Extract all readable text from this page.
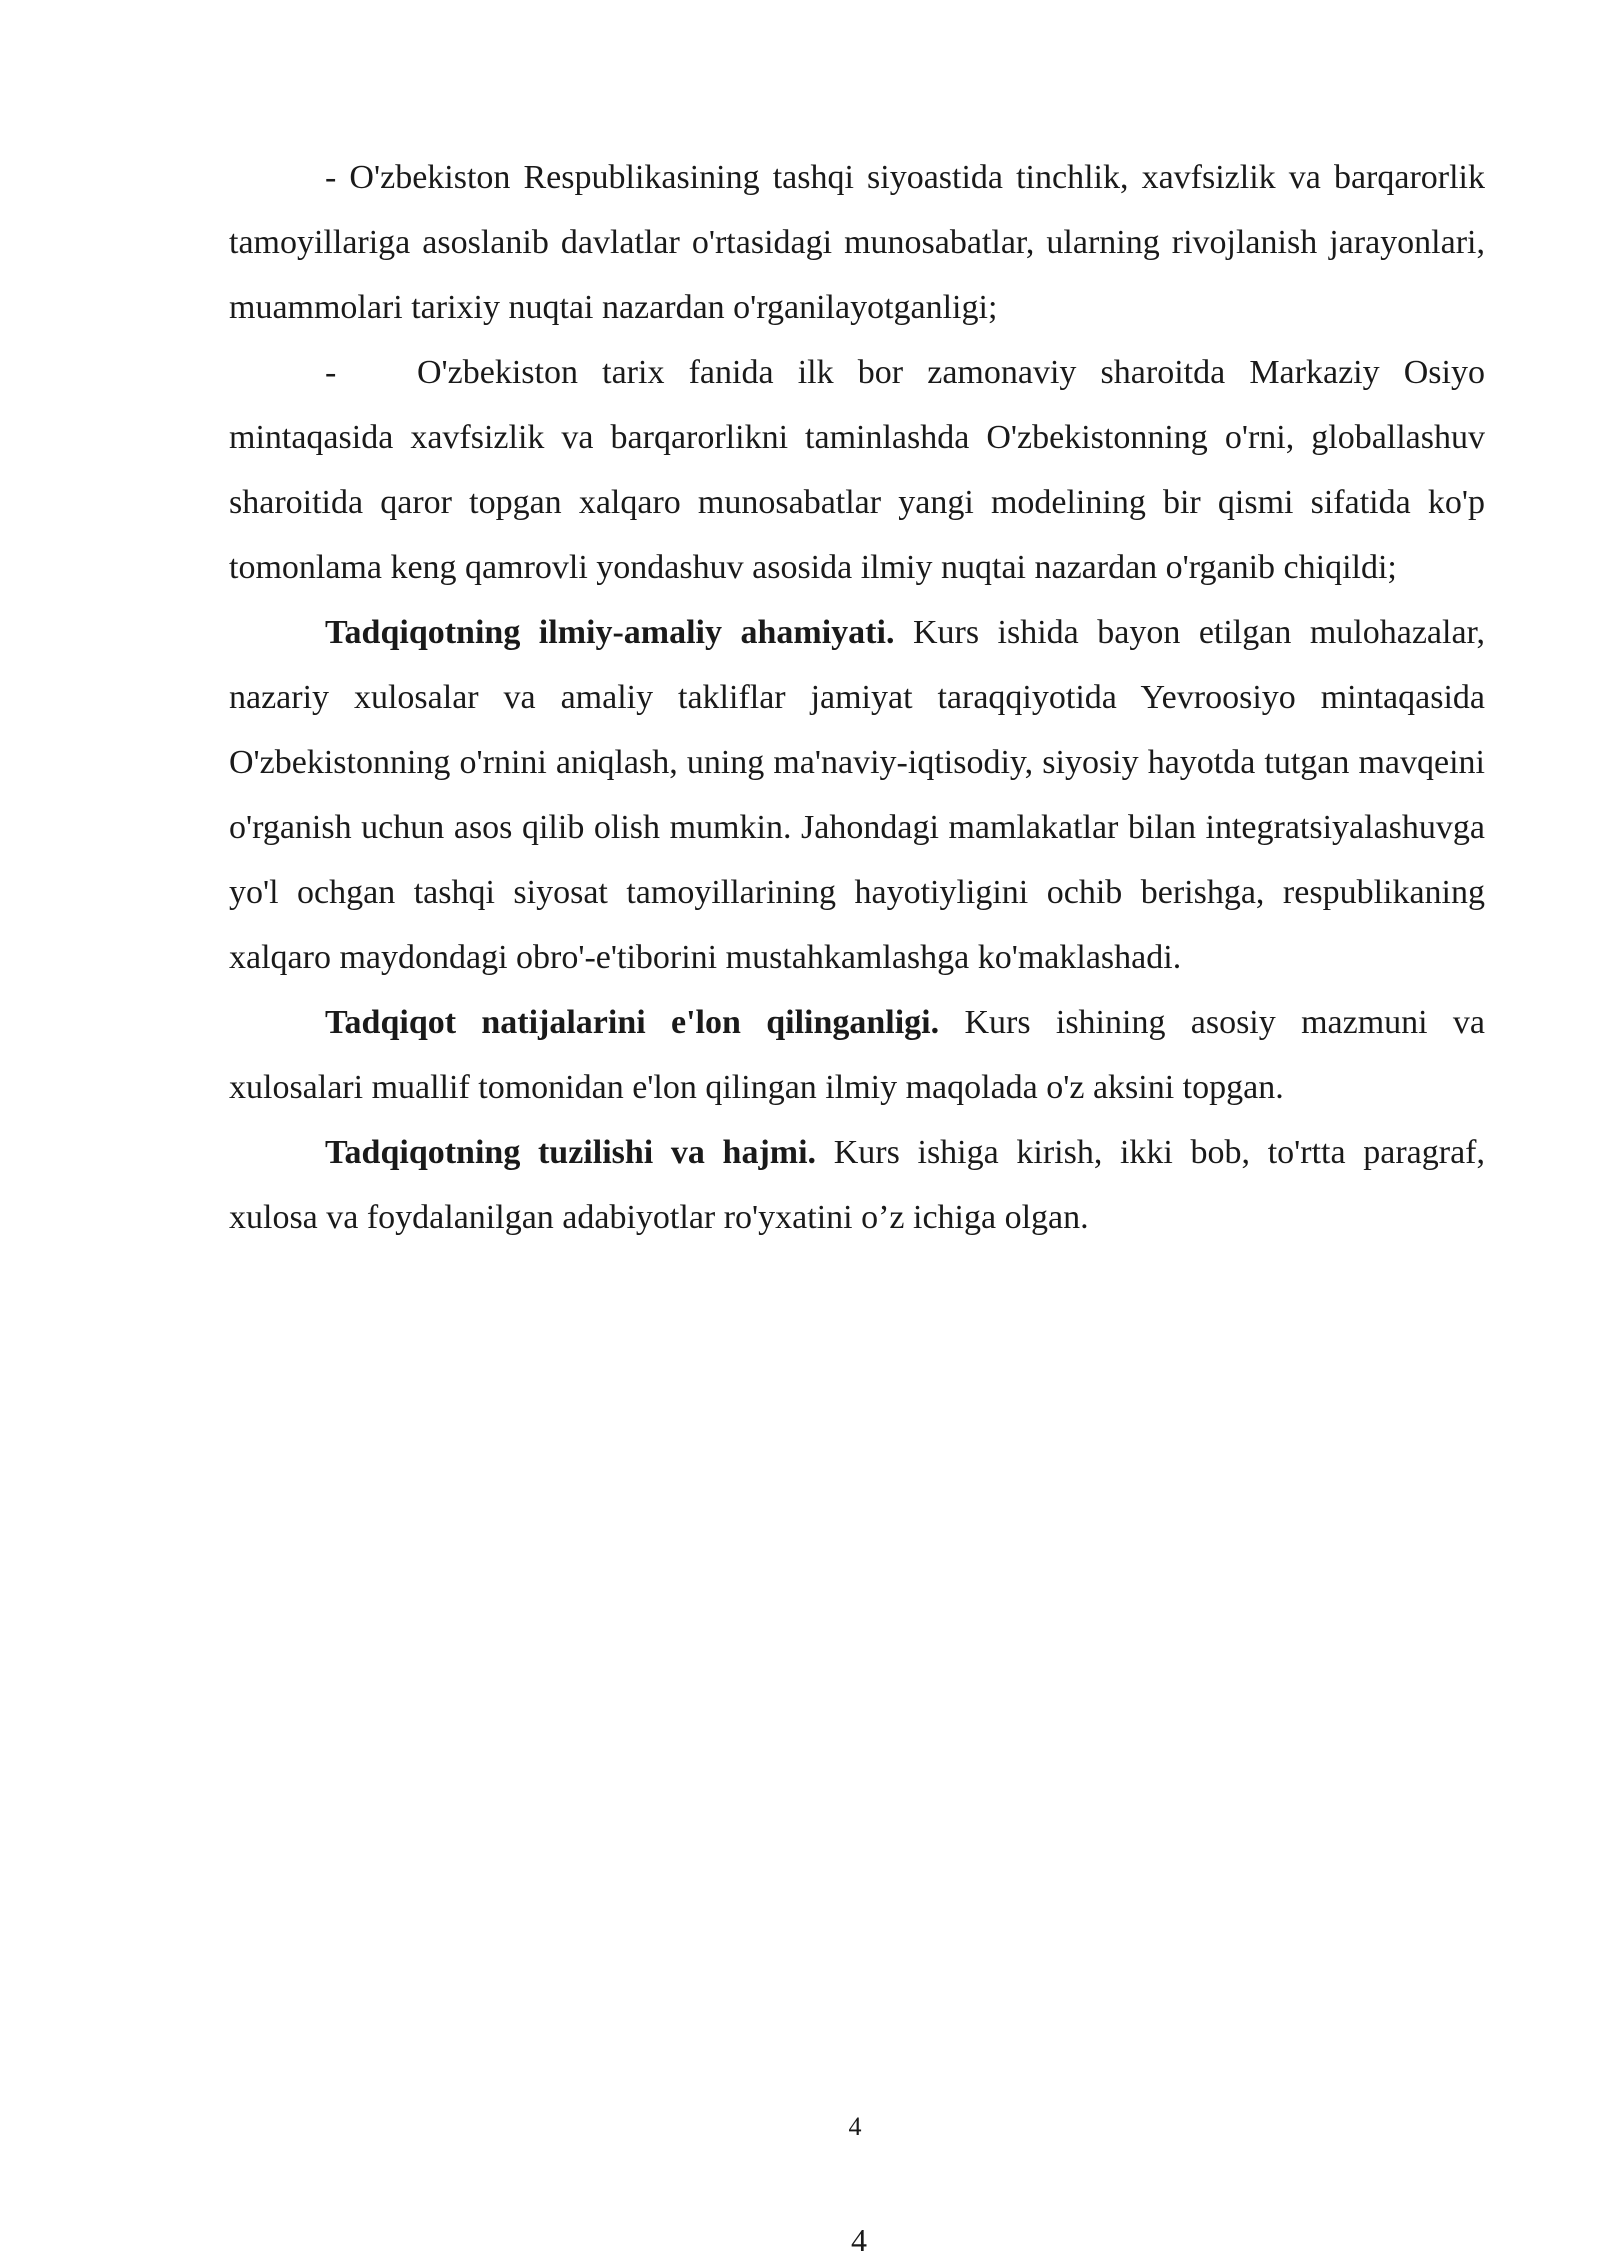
- O'zbekiston Respublikasining tashqi siyoastida tinchlik, xavfsizlik va barqarorlik tamoyillariga asoslanib davlatlar o'rtasidagi munosabatlar, ularning rivojlanish jarayonlari, muammolari tarixiy nuqtai nazardan o'rganilayotganligi;

- O'zbekiston tarix fanida ilk bor zamonaviy sharoitda Markaziy Osiyo mintaqasida xavfsizlik va barqarorlikni taminlashda O'zbekistonning o'rni, globallashuv sharoitida qaror topgan xalqaro munosabatlar yangi modelining bir qismi sifatida ko'p tomonlama keng qamrovli yondashuv asosida ilmiy nuqtai nazardan o'rganib chiqildi;

Tadqiqotning ilmiy-amaliy ahamiyati. Kurs ishida bayon etilgan mulohazalar, nazariy xulosalar va amaliy takliflar jamiyat taraqqiyotida Yevroosiyo mintaqasida O'zbekistonning o'rnini aniqlash, uning ma'naviy-iqtisodiy, siyosiy hayotda tutgan mavqeini o'rganish uchun asos qilib olish mumkin. Jahondagi mamlakatlar bilan integratsiyalashuvga yo'l ochgan tashqi siyosat tamoyillarining hayotiyligini ochib berishga, respublikaning xalqaro maydondagi obro'-e'tiborini mustahkamlashga ko'maklashadi.

Tadqiqot natijalarini e'lon qilinganligi. Kurs ishining asosiy mazmuni va xulosalari muallif tomonidan e'lon qilingan ilmiy maqolada o'z aksini topgan.

Tadqiqotning tuzilishi va hajmi. Kurs ishiga kirish, ikki bob, to'rtta paragraf, xulosa va foydalanilgan adabiyotlar ro'yxatini o’z ichiga olgan.

4
4
